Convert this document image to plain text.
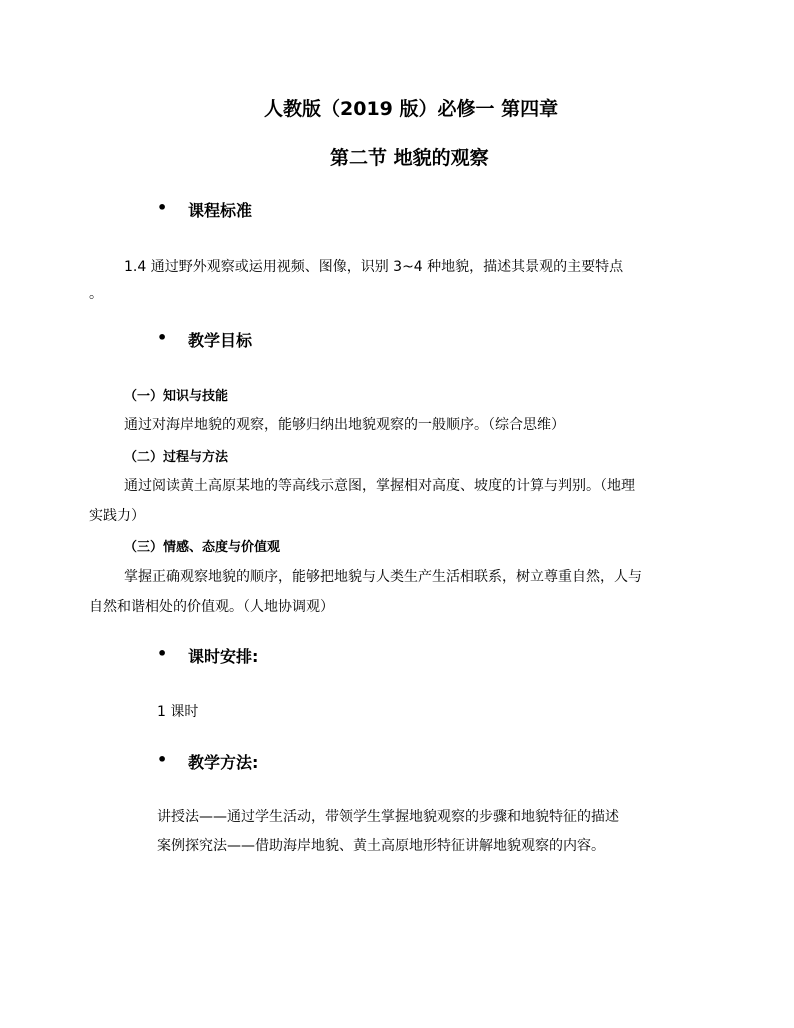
人教版（2019 版）必修一 第四章
第二节 地貌的观察
• 课程标准
1.4 通过野外观察或运用视频、图像，识别 3~4 种地貌，描述其景观的主要特点
。
• 教学目标
（一）知识与技能
通过对海岸地貌的观察，能够归纳出地貌观察的一般顺序。（综合思维）
（二）过程与方法
通过阅读黄土高原某地的等高线示意图，掌握相对高度、坡度的计算与判别。（地理
实践力）
（三）情感、态度与价值观
掌握正确观察地貌的顺序，能够把地貌与人类生产生活相联系，树立尊重自然，人与
自然和谐相处的价值观。（人地协调观）
• 课时安排:
1 课时
• 教学方法:
讲授法——通过学生活动，带领学生掌握地貌观察的步骤和地貌特征的描述
案例探究法——借助海岸地貌、黄土高原地形特征讲解地貌观察的内容。
